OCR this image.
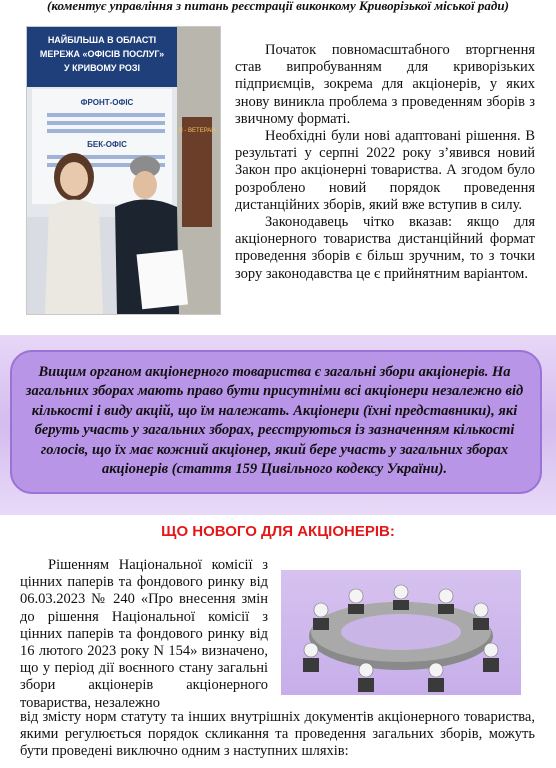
(коментує управління з питань реєстрації виконкому Криворізької міської ради)
Я - ВЕТЕРАН
НАЙБІЛЬША В ОБЛАСТІ
МЕРЕЖА «ОФІСІВ ПОСЛУГ»
У КРИВОМУ РОЗІ
ФРОНТ-ОФІС
БЕК-ОФІС

Початок повномасштабного вторгнення став випробуванням для криворізьких підприємців, зокрема для акціонерів, у яких знову виникла проблема з проведенням зборів з звичному форматі.

Необхідні були нові адаптовані рішення. В результаті у серпні 2022 року з’явився новий Закон про акціонерні товариства. А згодом було розроблено новий порядок проведення дистанційних зборів, який вже вступив в силу.

Законодавець чітко вказав: якщо для акціонерного товариства дистанційний формат проведення зборів є більш зручним, то з точки зору законодавства це є прийнятним варіантом.

Вищим органом акціонерного товариства є загальні збори акціонерів. На загальних зборах мають право бути присутніми всі акціонери незалежно від кількості і виду акцій, що їм належать. Акціонери (їхні представники), які беруть участь у загальних зборах, реєструються із зазначенням кількості голосів, що їх має кожний акціонер, який бере участь у загальних зборах акціонерів (стаття 159 Цивільного кодексу України).
ЩО НОВОГО ДЛЯ АКЦІОНЕРІВ:

Рішенням Національної комісії з цінних паперів та фондового ринку від 06.03.2023 № 240 «Про внесення змін до рішення Національної комісії з цінних паперів та фондового ринку від 16 лютого 2023 року N 154» визначено, що у період дії воєнного стану загальні збори акціонерів акціонерного товариства, незалежно

від змісту норм статуту та інших внутрішніх документів акціонерного товариства, якими регулюється порядок скликання та проведення загальних зборів, можуть бути проведені виключно одним з наступних шляхів:
